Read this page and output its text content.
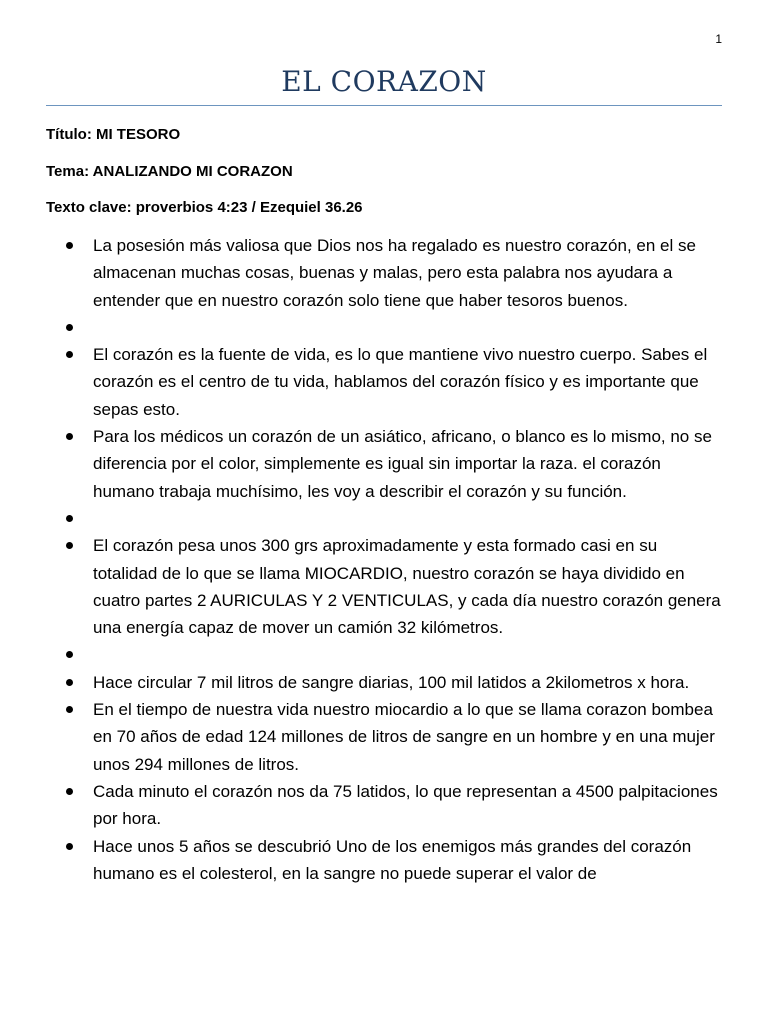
1
EL CORAZON
Título: MI TESORO
Tema: ANALIZANDO MI CORAZON
Texto clave: proverbios 4:23 / Ezequiel 36.26
La posesión más valiosa que Dios nos ha regalado es nuestro corazón, en el se almacenan muchas cosas, buenas y malas, pero esta palabra nos ayudara a entender que en nuestro corazón solo tiene que haber tesoros buenos.
El corazón es la fuente de vida, es lo que mantiene vivo nuestro cuerpo. Sabes el corazón es el centro de tu vida, hablamos del corazón físico y es importante que sepas esto.
Para los médicos un corazón de un asiático, africano, o blanco es lo mismo, no se diferencia por el color, simplemente es igual sin importar la raza. el corazón humano trabaja muchísimo, les voy a describir el corazón y su función.
El corazón pesa unos 300 grs aproximadamente y esta formado casi en su totalidad de lo que se llama MIOCARDIO, nuestro corazón se haya dividido en cuatro partes 2 AURICULAS Y 2 VENTICULAS, y cada día nuestro corazón genera una energía capaz de mover un camión 32 kilómetros.
Hace circular 7 mil litros de sangre diarias, 100 mil latidos a 2kilometros x hora.
En el tiempo de nuestra vida nuestro miocardio a lo que se llama corazon bombea en 70 años de edad 124 millones de litros de sangre en un hombre y en una mujer unos 294 millones de litros.
Cada minuto el corazón nos da 75 latidos, lo que representan a 4500 palpitaciones por hora.
Hace unos 5 años se descubrió Uno de los enemigos más grandes del corazón humano es el colesterol, en la sangre no puede superar el valor de
